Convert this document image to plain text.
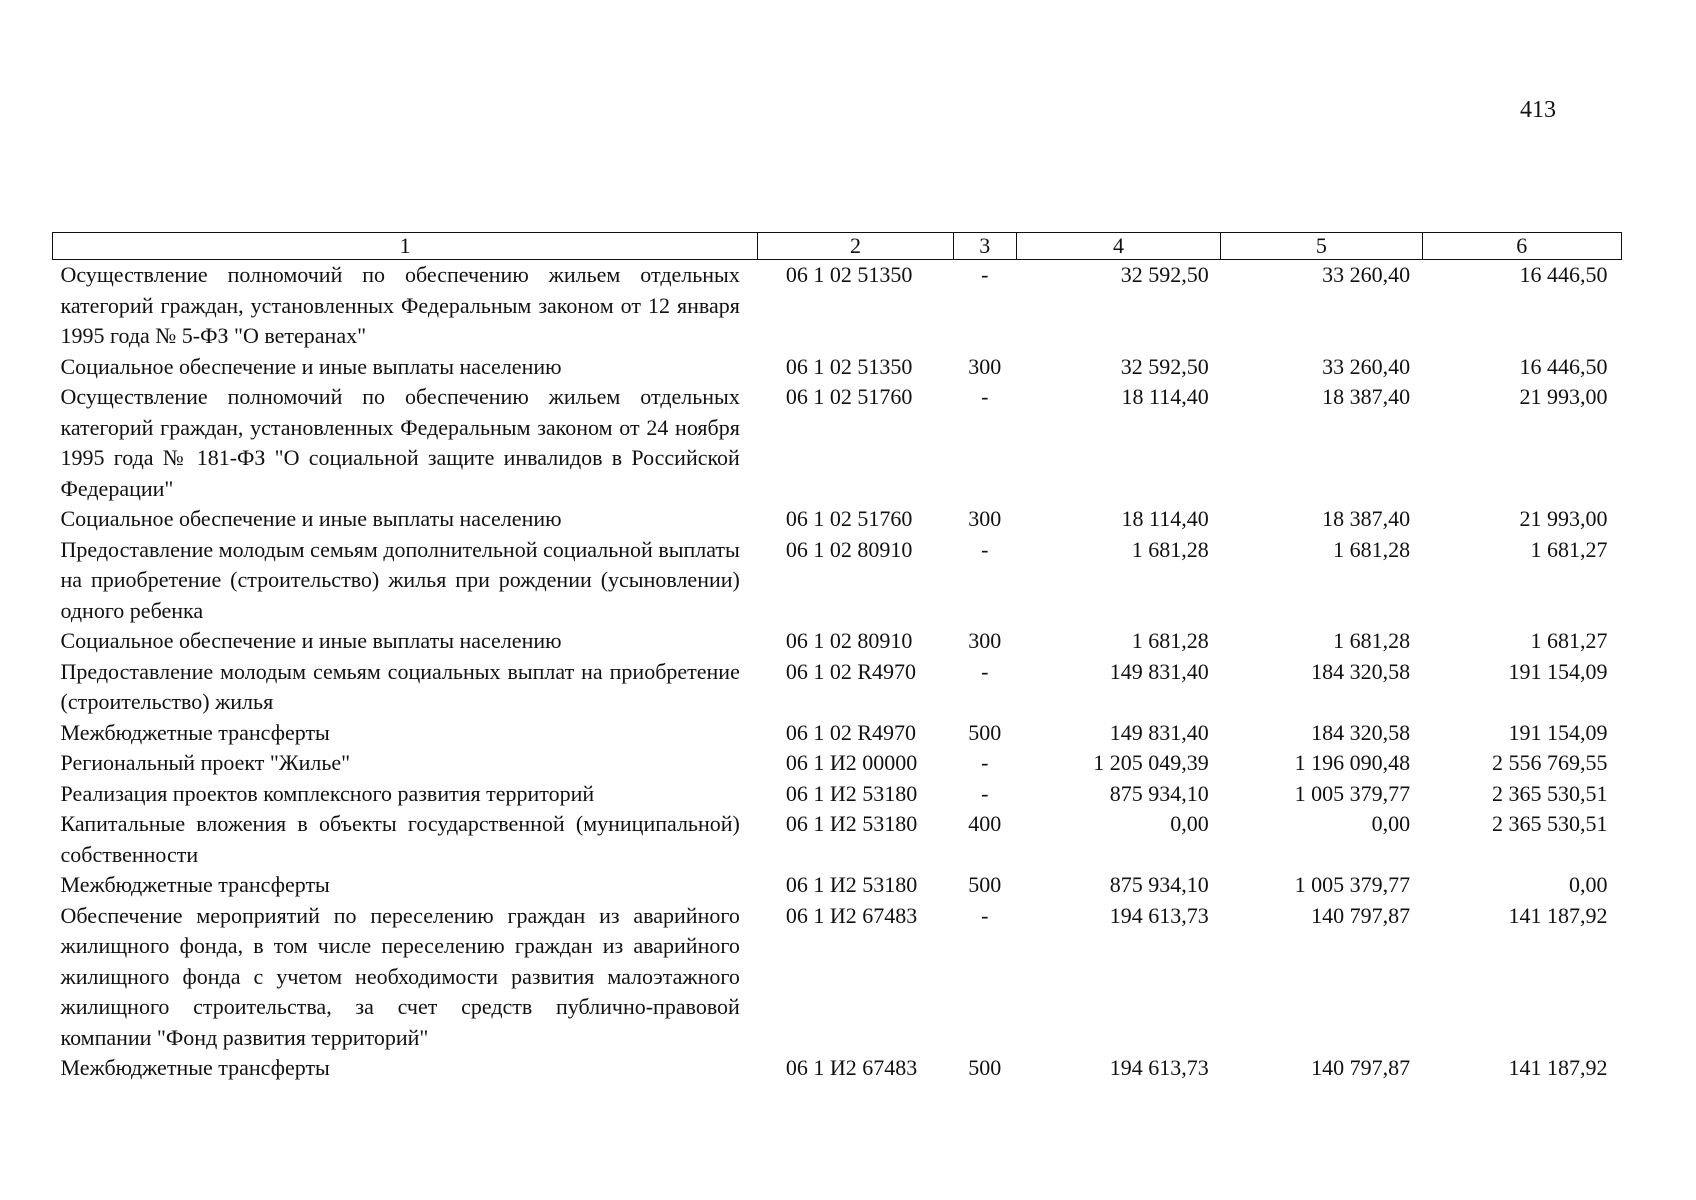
413
1	2	3	4	5	6
Осуществление полномочий по обеспечению жильем отдельных категорий граждан, установленных Федеральным законом от 12 января 1995 года № 5-ФЗ "О ветеранах"	06 1 02 51350	-	32 592,50	33 260,40	16 446,50
Социальное обеспечение и иные выплаты населению	06 1 02 51350	300	32 592,50	33 260,40	16 446,50
Осуществление полномочий по обеспечению жильем отдельных категорий граждан, установленных Федеральным законом от 24 ноября 1995 года № 181-ФЗ "О социальной защите инвалидов в Российской Федерации"	06 1 02 51760	-	18 114,40	18 387,40	21 993,00
Социальное обеспечение и иные выплаты населению	06 1 02 51760	300	18 114,40	18 387,40	21 993,00
Предоставление молодым семьям дополнительной социальной выплаты на приобретение (строительство) жилья при рождении (усыновлении) одного ребенка	06 1 02 80910	-	1 681,28	1 681,28	1 681,27
Социальное обеспечение и иные выплаты населению	06 1 02 80910	300	1 681,28	1 681,28	1 681,27
Предоставление молодым семьям социальных выплат на приобретение (строительство) жилья	06 1 02 R4970	-	149 831,40	184 320,58	191 154,09
Межбюджетные трансферты	06 1 02 R4970	500	149 831,40	184 320,58	191 154,09
Региональный проект "Жилье"	06 1 И2 00000	-	1 205 049,39	1 196 090,48	2 556 769,55
Реализация проектов комплексного развития территорий	06 1 И2 53180	-	875 934,10	1 005 379,77	2 365 530,51
Капитальные вложения в объекты государственной (муниципальной) собственности	06 1 И2 53180	400	0,00	0,00	2 365 530,51
Межбюджетные трансферты	06 1 И2 53180	500	875 934,10	1 005 379,77	0,00
Обеспечение мероприятий по переселению граждан из аварийного жилищного фонда, в том числе переселению граждан из аварийного жилищного фонда с учетом необходимости развития малоэтажного жилищного строительства, за счет средств публично-правовой компании "Фонд развития территорий"	06 1 И2 67483	-	194 613,73	140 797,87	141 187,92
Межбюджетные трансферты	06 1 И2 67483	500	194 613,73	140 797,87	141 187,92
